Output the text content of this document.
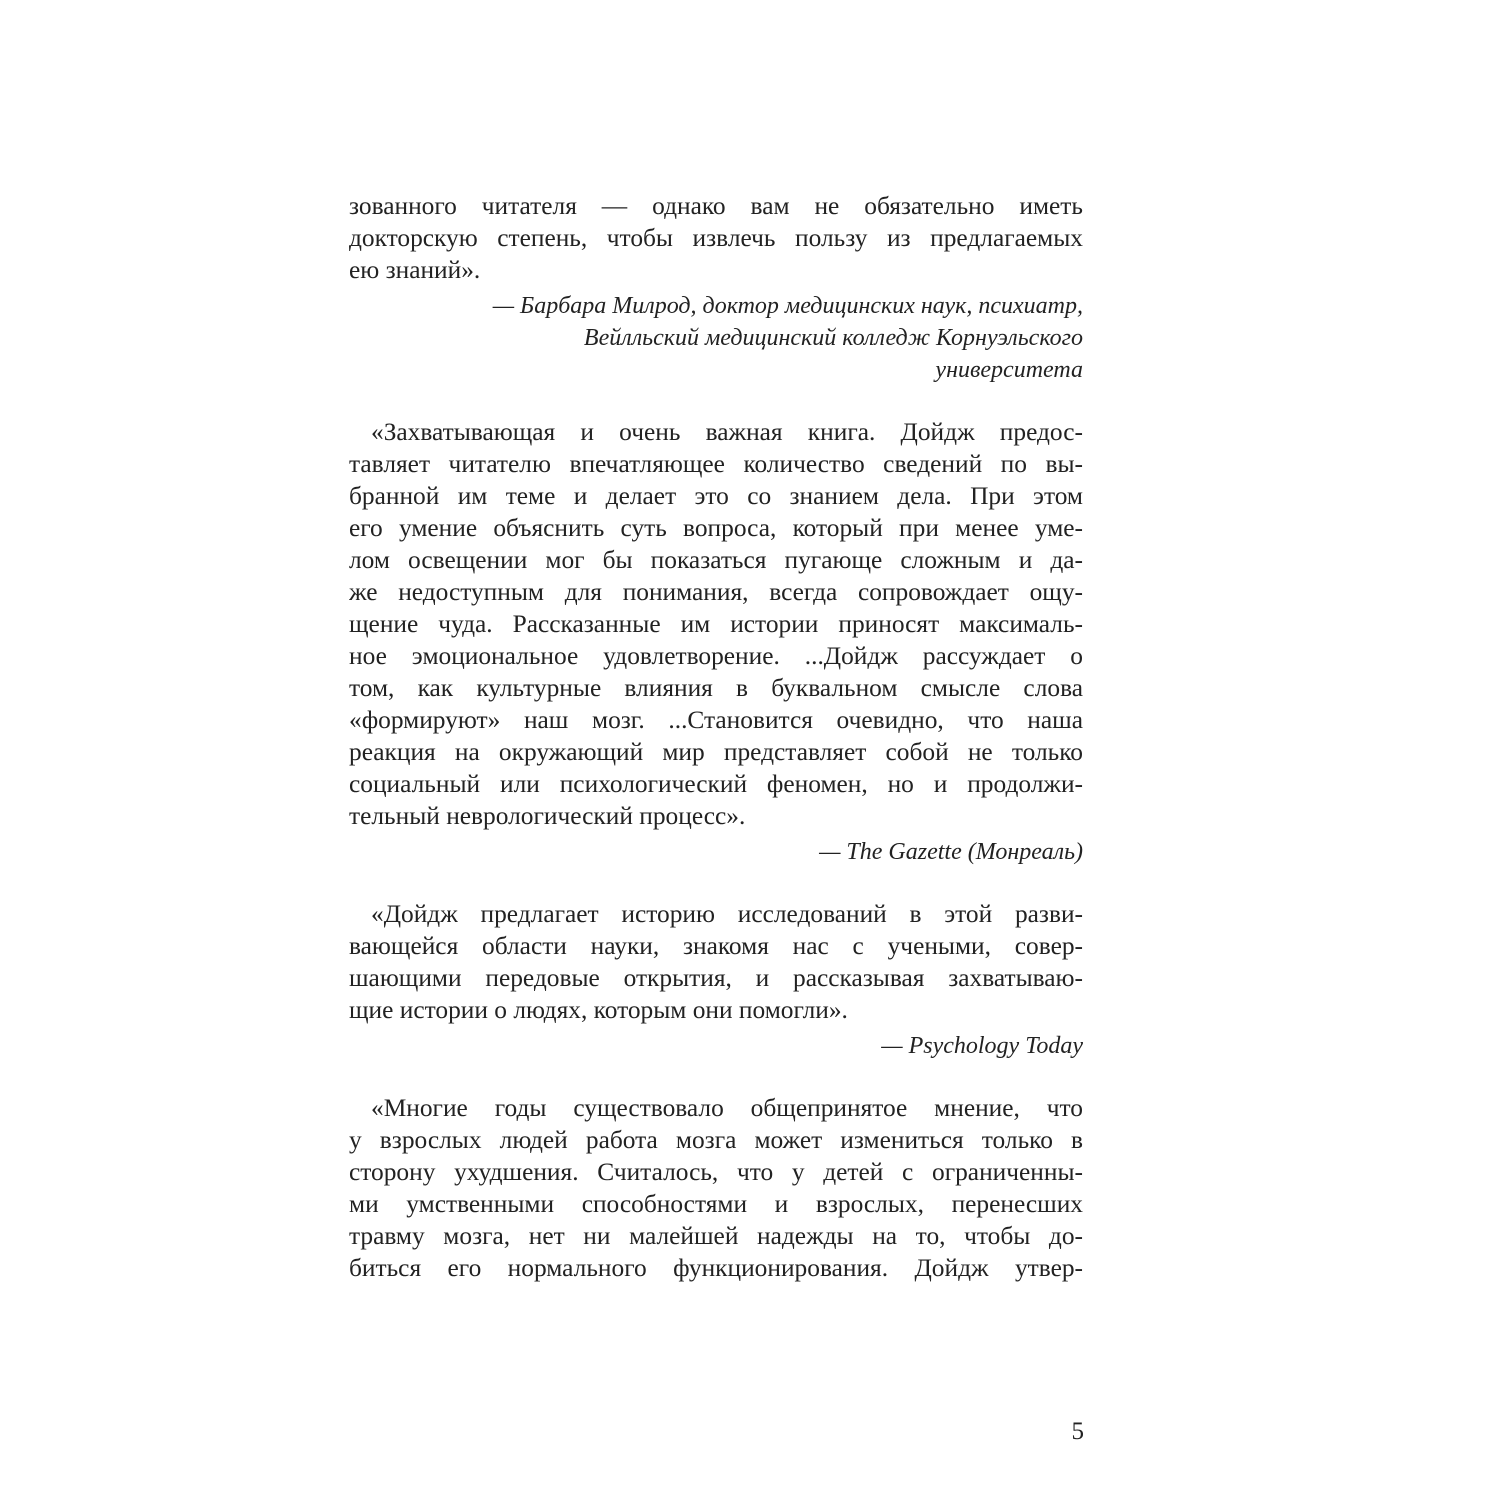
зованного читателя — однако вам не обязательно иметь
докторскую степень, чтобы извлечь пользу из предлагаемых
ею знаний».
— Барбара Милрод, доктор медицинских наук, психиатр,
Вейлльский медицинский колледж Корнуэльского
университета
«Захватывающая и очень важная книга. Дойдж предос-
тавляет читателю впечатляющее количество сведений по вы-
бранной им теме и делает это со знанием дела. При этом
его умение объяснить суть вопроса, который при менее уме-
лом освещении мог бы показаться пугающе сложным и да-
же недоступным для понимания, всегда сопровождает ощу-
щение чуда. Рассказанные им истории приносят максималь-
ное эмоциональное удовлетворение. ...Дойдж рассуждает о
том, как культурные влияния в буквальном смысле слова
«формируют» наш мозг. ...Становится очевидно, что наша
реакция на окружающий мир представляет собой не только
социальный или психологический феномен, но и продолжи-
тельный неврологический процесс».
— The Gazette (Монреаль)
«Дойдж предлагает историю исследований в этой разви-
вающейся области науки, знакомя нас с учеными, совер-
шающими передовые открытия, и рассказывая захватываю-
щие истории о людях, которым они помогли».
— Psychology Today
«Многие годы существовало общепринятое мнение, что
у взрослых людей работа мозга может измениться только в
сторону ухудшения. Считалось, что у детей с ограниченны-
ми умственными способностями и взрослых, перенесших
травму мозга, нет ни малейшей надежды на то, чтобы до-
биться его нормального функционирования. Дойдж утвер-
5
